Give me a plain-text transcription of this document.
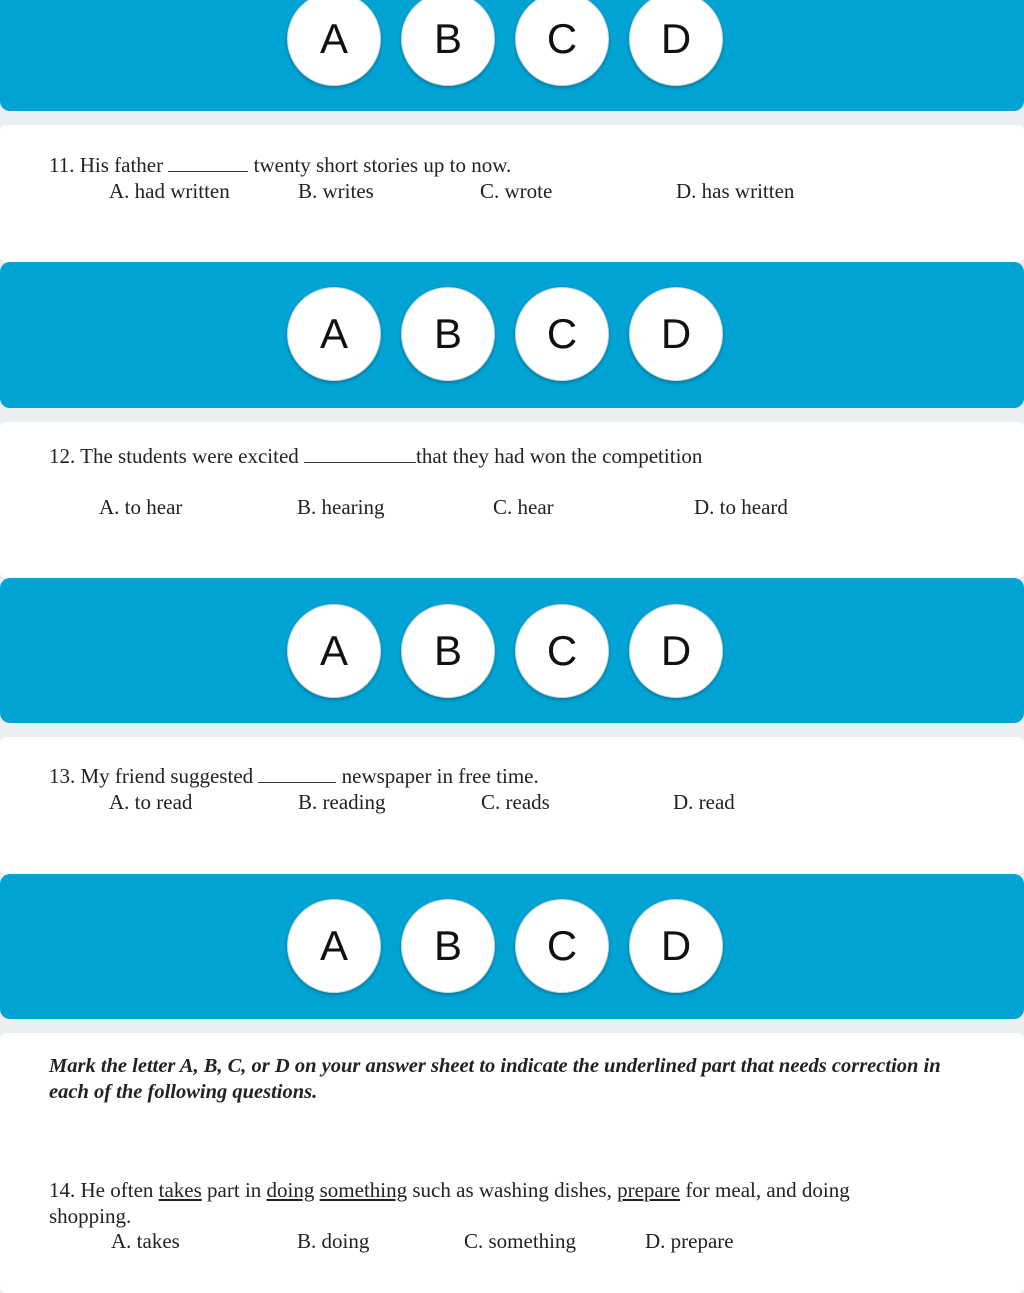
A	B	C	D
11. His father	twenty short stories up to now.
A. had written	B. writes	C. wrote	D. has written
A	B	C	D
12. The students were excited	that they had won the competition
A. to hear	B. hearing	C. hear	D. to heard
A	B	C	D
13. My friend suggested	newspaper in free time.
A. to read	B. reading	C. reads	D. read
A	B	C	D
Mark the letter A, B, C, or D on your answer sheet to indicate the underlined part that needs correction in each of the following questions.
14. He often takes part in doing something such as washing dishes, prepare for meal, and doing
shopping.
A. takes	B. doing	C. something	D. prepare
